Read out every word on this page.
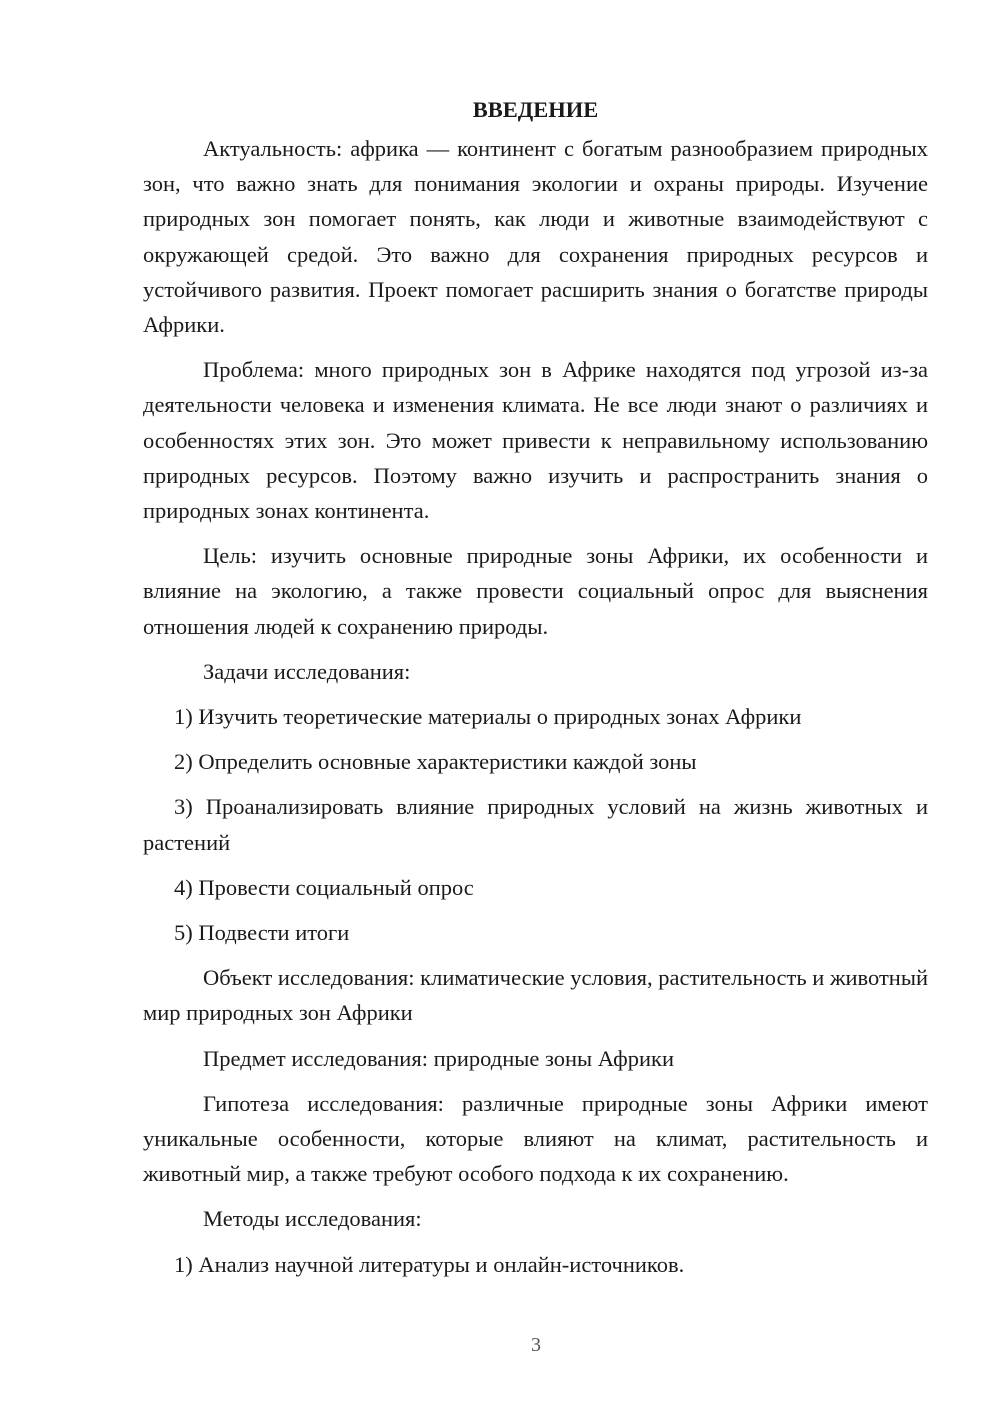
ВВЕДЕНИЕ

Актуальность: африка — континент с богатым разнообразием природных зон, что важно знать для понимания экологии и охраны природы. Изучение природных зон помогает понять, как люди и животные взаимодействуют с окружающей средой. Это важно для сохранения природных ресурсов и устойчивого развития. Проект помогает расширить знания о богатстве природы Африки.

Проблема: много природных зон в Африке находятся под угрозой из-за деятельности человека и изменения климата. Не все люди знают о различиях и особенностях этих зон. Это может привести к неправильному использованию природных ресурсов. Поэтому важно изучить и распространить знания о природных зонах континента.

Цель: изучить основные природные зоны Африки, их особенности и влияние на экологию, а также провести социальный опрос для выяснения отношения людей к сохранению природы.

Задачи исследования:

1) Изучить теоретические материалы о природных зонах Африки

2) Определить основные характеристики каждой зоны

3) Проанализировать влияние природных условий на жизнь животных и растений

4) Провести социальный опрос

5) Подвести итоги

Объект исследования: климатические условия, растительность и животный мир природных зон Африки

Предмет исследования: природные зоны Африки

Гипотеза исследования: различные природные зоны Африки имеют уникальные особенности, которые влияют на климат, растительность и животный мир, а также требуют особого подхода к их сохранению.

Методы исследования:

1) Анализ научной литературы и онлайн-источников.

3
